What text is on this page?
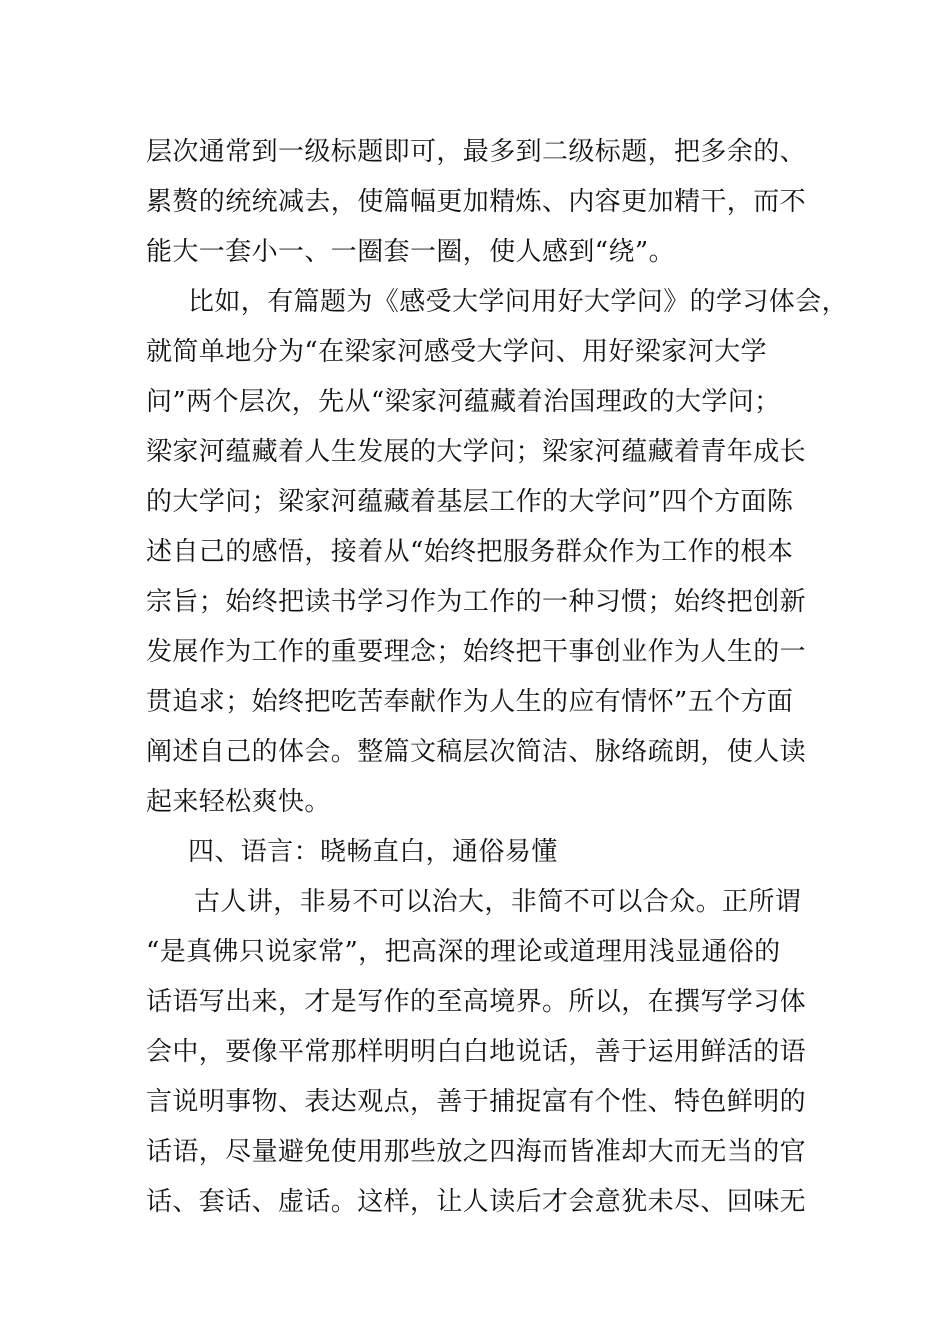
层次通常到一级标题即可，最多到二级标题，把多余的、
累赘的统统减去，使篇幅更加精炼、内容更加精干，而不
能大一套小一、一圈套一圈，使人感到“绕”。
比如，有篇题为《感受大学问用好大学问》的学习体会，
就简单地分为“在梁家河感受大学问、用好梁家河大学
问”两个层次，先从“梁家河蕴藏着治国理政的大学问；
梁家河蕴藏着人生发展的大学问；梁家河蕴藏着青年成长
的大学问；梁家河蕴藏着基层工作的大学问”四个方面陈
述自己的感悟，接着从“始终把服务群众作为工作的根本
宗旨；始终把读书学习作为工作的一种习惯；始终把创新
发展作为工作的重要理念；始终把干事创业作为人生的一
贯追求；始终把吃苦奉献作为人生的应有情怀”五个方面
阐述自己的体会。整篇文稿层次简洁、脉络疏朗，使人读
起来轻松爽快。
四、语言：晓畅直白，通俗易懂
古人讲，非易不可以治大，非简不可以合众。正所谓
“是真佛只说家常”，把高深的理论或道理用浅显通俗的
话语写出来，才是写作的至高境界。所以，在撰写学习体
会中，要像平常那样明明白白地说话，善于运用鲜活的语
言说明事物、表达观点，善于捕捉富有个性、特色鲜明的
话语，尽量避免使用那些放之四海而皆准却大而无当的官
话、套话、虚话。这样，让人读后才会意犹未尽、回味无
